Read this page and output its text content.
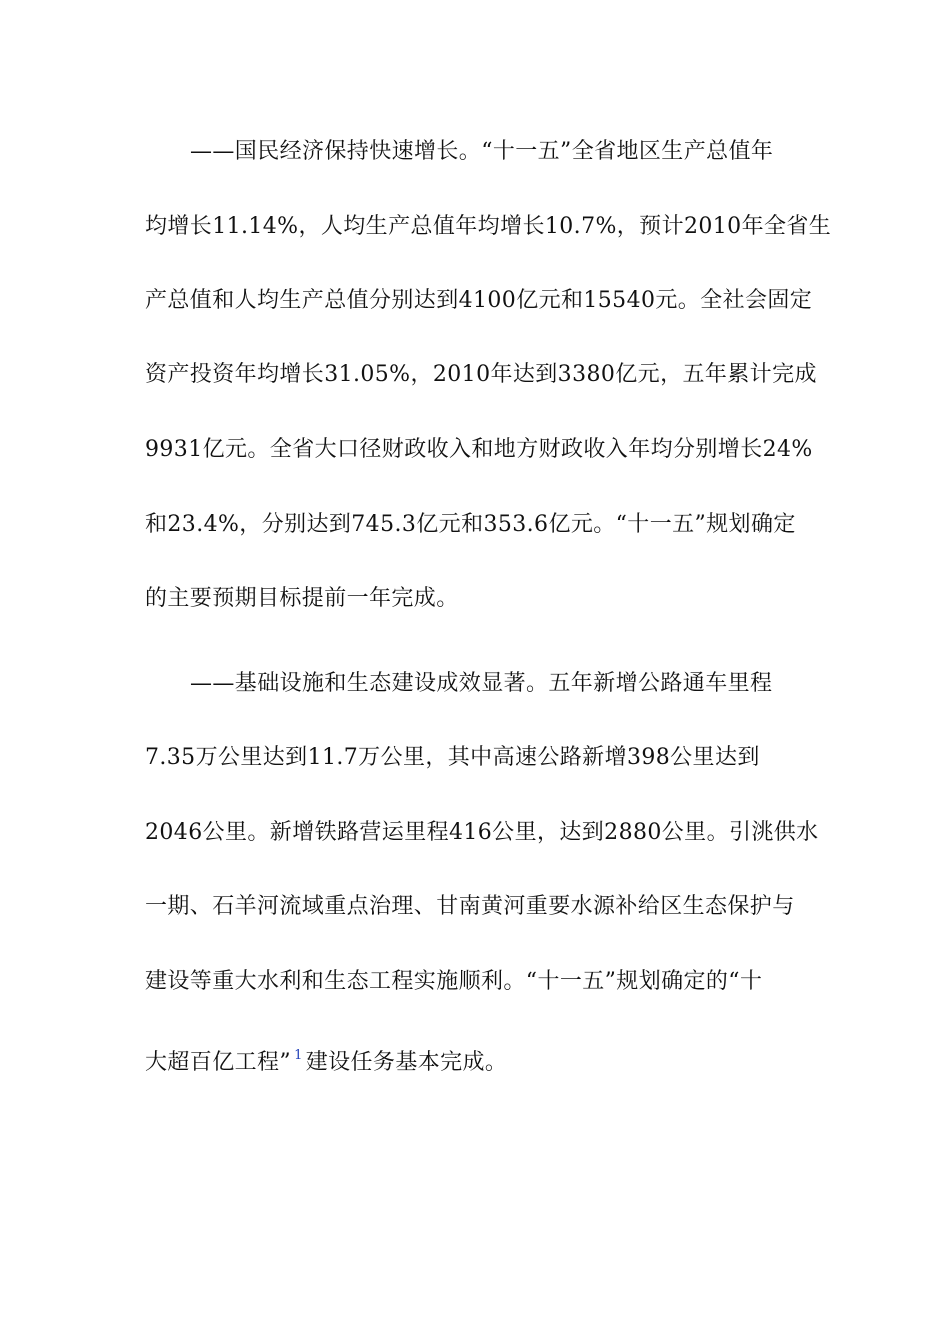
——国民经济保持快速增长。“十一五”全省地区生产总值年
均增长11.14%，人均生产总值年均增长10.7%，预计2010年全省生
产总值和人均生产总值分别达到4100亿元和15540元。全社会固定
资产投资年均增长31.05%，2010年达到3380亿元，五年累计完成
9931亿元。全省大口径财政收入和地方财政收入年均分别增长24%
和23.4%，分别达到745.3亿元和353.6亿元。“十一五”规划确定
的主要预期目标提前一年完成。
——基础设施和生态建设成效显著。五年新增公路通车里程
7.35万公里达到11.7万公里，其中高速公路新增398公里达到
2046公里。新增铁路营运里程416公里，达到2880公里。引洮供水
一期、石羊河流域重点治理、甘南黄河重要水源补给区生态保护与
建设等重大水利和生态工程实施顺利。“十一五”规划确定的“十
大超百亿工程” $^1$ 建设任务基本完成。
